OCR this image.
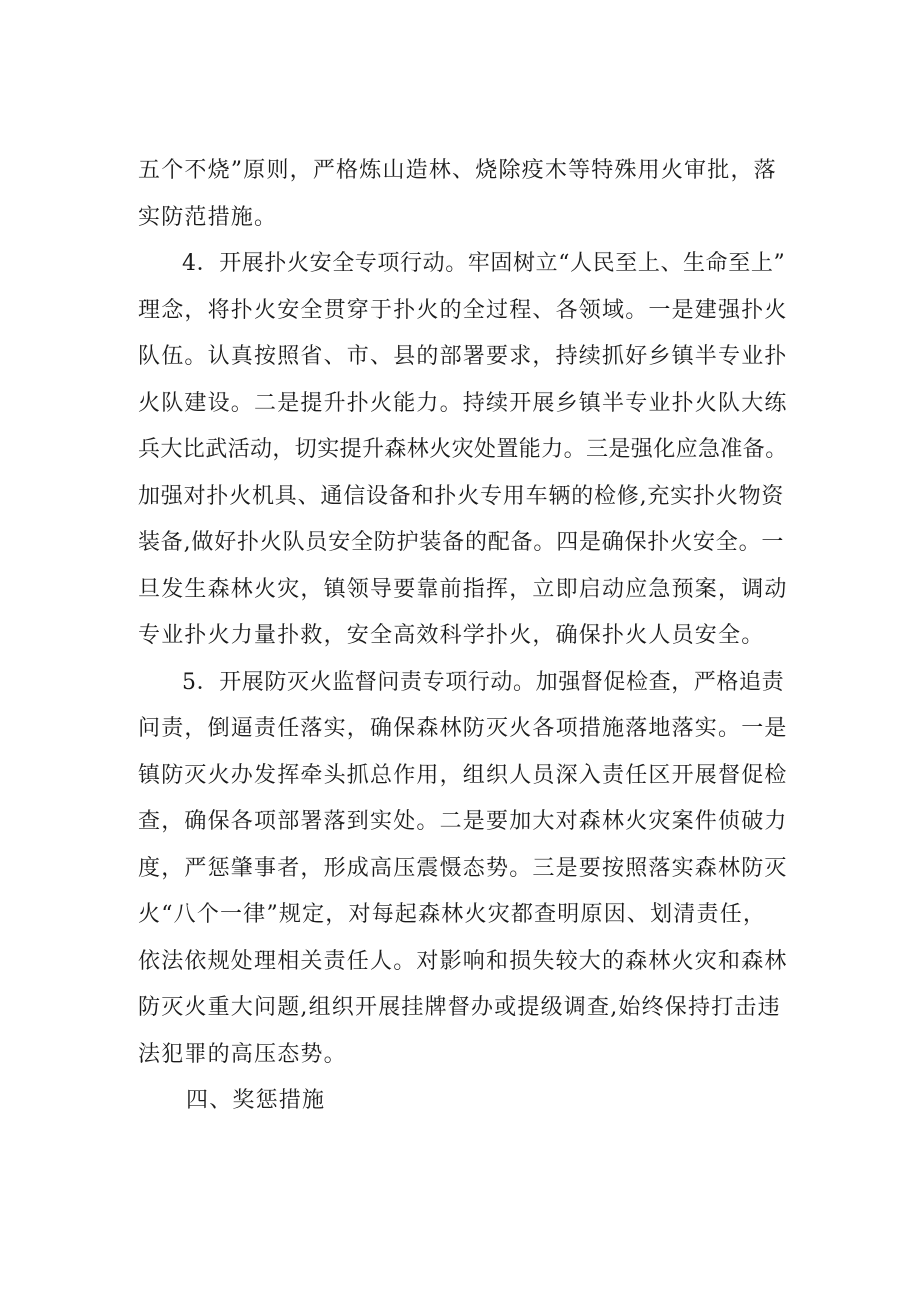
五个不烧”原则，严格炼山造林、烧除疫木等特殊用火审批，落
实防范措施。

4．开展扑火安全专项行动。牢固树立“人民至上、生命至上”
理念，将扑火安全贯穿于扑火的全过程、各领域。一是建强扑火
队伍。认真按照省、市、县的部署要求，持续抓好乡镇半专业扑
火队建设。二是提升扑火能力。持续开展乡镇半专业扑火队大练
兵大比武活动，切实提升森林火灾处置能力。三是强化应急准备。
加强对扑火机具、通信设备和扑火专用车辆的检修,充实扑火物资
装备,做好扑火队员安全防护装备的配备。四是确保扑火安全。一
旦发生森林火灾，镇领导要靠前指挥，立即启动应急预案，调动
专业扑火力量扑救，安全高效科学扑火，确保扑火人员安全。

5．开展防灭火监督问责专项行动。加强督促检查，严格追责
问责，倒逼责任落实，确保森林防灭火各项措施落地落实。一是
镇防灭火办发挥牵头抓总作用，组织人员深入责任区开展督促检
查，确保各项部署落到实处。二是要加大对森林火灾案件侦破力
度，严惩肇事者，形成高压震慑态势。三是要按照落实森林防灭
火“八个一律”规定，对每起森林火灾都查明原因、划清责任，
依法依规处理相关责任人。对影响和损失较大的森林火灾和森林
防灭火重大问题,组织开展挂牌督办或提级调查,始终保持打击违
法犯罪的高压态势。

四、奖惩措施
